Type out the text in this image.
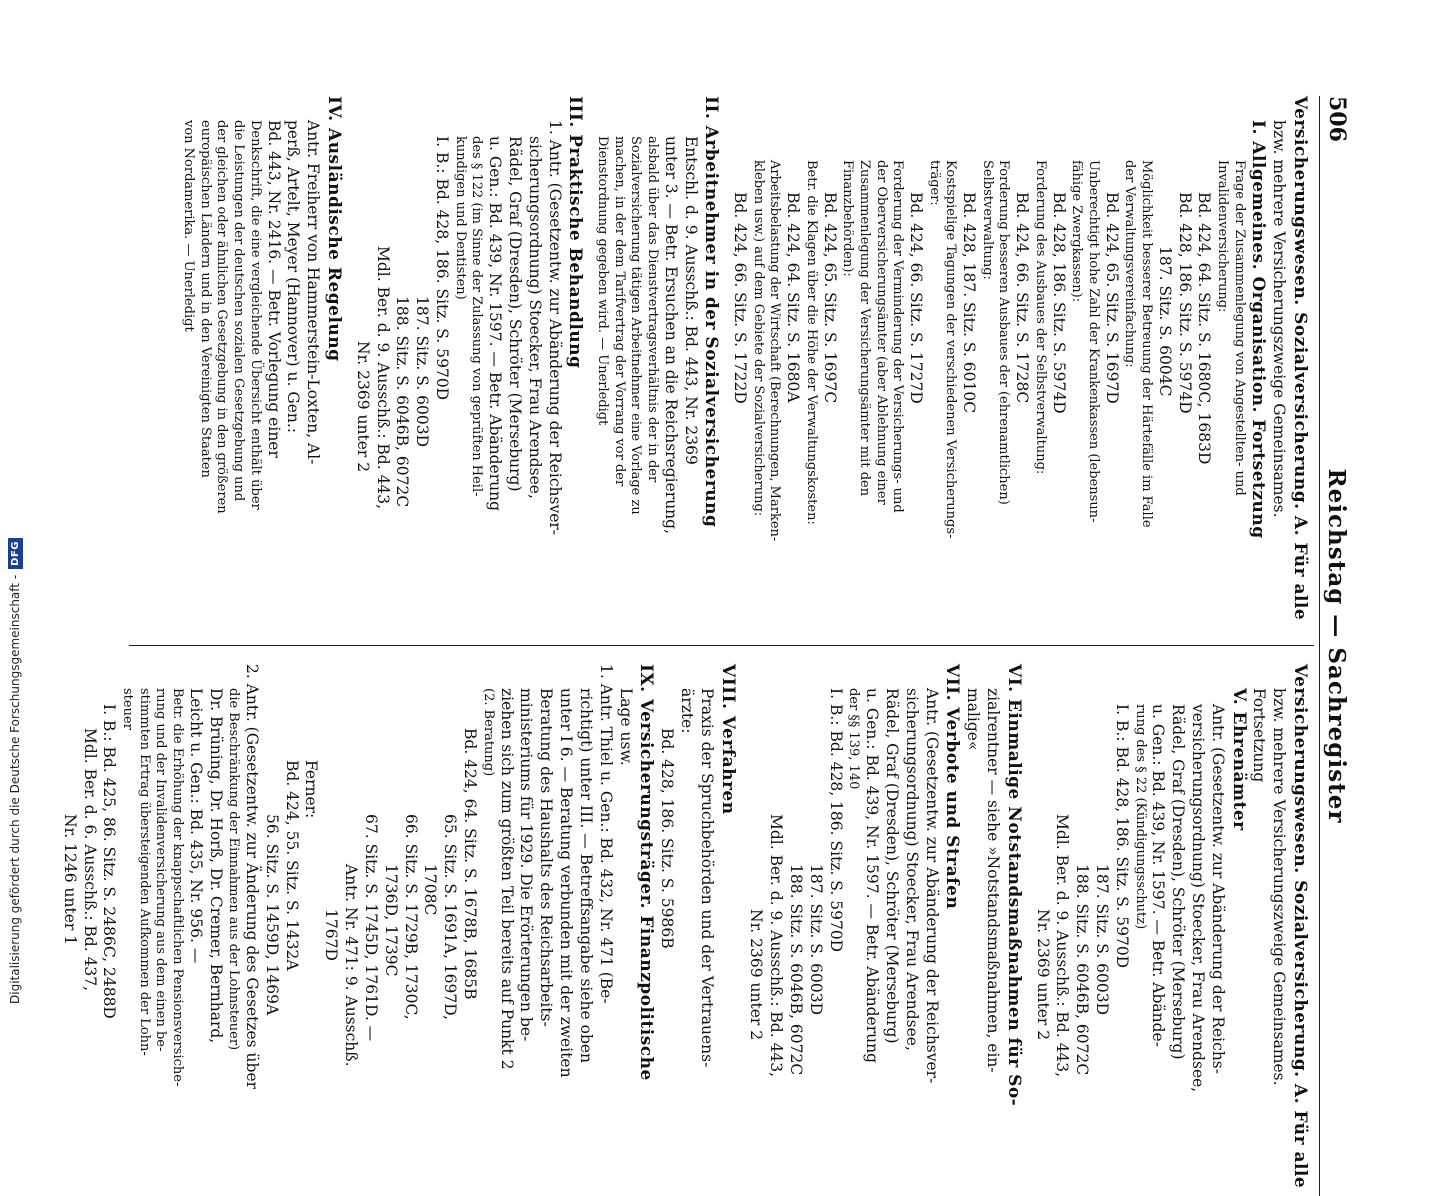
506
Reichstag — Sachregister
Versicherungswesen. Sozialversicherung. A. Für alle
bzw. mehrere Versicherungszweige Gemeinsames.
I. Allgemeines. Organisation. Fortsetzung
Frage der Zusammenlegung von Angestellten- und
Invalidenversicherung:
Bd. 424, 64. Sitz. S. 1680C, 1683D
Bd. 428, 186. Sitz. S. 5974D
187. Sitz. S. 6004C
Möglichkeit besserer Betreuung der Härtefälle im Falle
der Verwaltungsvereinfachung:
Bd. 424, 65. Sitz. S. 1697D
Unberechtigt hohe Zahl der Krankenkassen (lebensun-
fähige Zwergkassen):
Bd. 428, 186. Sitz. S. 5974D
Forderung des Ausbaues der Selbstverwaltung:
Bd. 424, 66. Sitz. S. 1728C
Forderung besseren Ausbaues der (ehrenamtlichen)
Selbstverwaltung:
Bd. 428, 187. Sitz. S. 6010C
Kostspielige Tagungen der verschiedenen Versicherungs-
träger:
Bd. 424, 66. Sitz. S. 1727D
Forderung der Verminderung der Versicherungs- und
der Oberversicherungsämter (aber Ablehnung einer
Zusammenlegung der Versicherungsämter mit den
Finanzbehörden):
Bd. 424, 65. Sitz. S. 1697C
Betr. die Klagen über die Höhe der Verwaltungskosten:
Bd. 424, 64. Sitz. S. 1680A
Arbeitsbelastung der Wirtschaft (Berechnungen, Marken-
kleben usw.) auf dem Gebiete der Sozialversicherung:
Bd. 424, 66. Sitz. S. 1722D
II. Arbeitnehmer in der Sozialversicherung
Entschl. d. 9. Ausschß.: Bd. 443, Nr. 2369
unter 3. — Betr. Ersuchen an die Reichsregierung,
alsbald über das Dienstvertragsverhältnis der in der
Sozialversicherung tätigen Arbeitnehmer eine Vorlage zu
machen, in der dem Tarifvertrag der Vorrang vor der
Dienstordnung gegeben wird. — Unerledigt
III. Praktische Behandlung
1. Antr. (Gesetzentw. zur Abänderung der Reichsver-
sicherungsordnung) Stoecker, Frau Arendsee,
Rädel, Graf (Dresden), Schröter (Merseburg)
u. Gen.: Bd. 439, Nr. 1597. — Betr. Abänderung
des § 122 (im Sinne der Zulassung von geprüften Heil-
kundigen und Dentisten)
I. B.: Bd. 428, 186. Sitz. S. 5970D
187. Sitz. S. 6003D
188. Sitz. S. 6046B, 6072C
Mdl. Ber. d. 9. Ausschß.: Bd. 443,
Nr. 2369 unter 2
IV. Ausländische Regelung
Antr. Freiherr von Hammerstein-Loxten, Al-
perß, Artelt, Meyer (Hannover) u. Gen.:
Bd. 443, Nr. 2416. — Betr. Vorlegung einer
Denkschrift, die eine vergleichende Übersicht enthält über
die Leistungen der deutschen sozialen Gesetzgebung und
der gleichen oder ähnlichen Gesetzgebung in den größeren
europäischen Ländern und in den Vereinigten Staaten
von Nordamerika. — Unerledigt
Versicherungswesen. Sozialversicherung. A. Für alle
bzw. mehrere Versicherungszweige Gemeinsames.
Fortsetzung
V. Ehrenämter
Antr. (Gesetzentw. zur Abänderung der Reichs-
versicherungsordnung) Stoecker, Frau Arendsee,
Rädel, Graf (Dresden), Schröter (Merseburg)
u. Gen.: Bd. 439, Nr. 1597. — Betr. Abände-
rung des § 22 (Kündigungsschutz)
I. B.: Bd. 428, 186. Sitz. S. 5970D
187. Sitz. S. 6003D
188. Sitz. S. 6046B, 6072C
Mdl. Ber. d. 9. Ausschß.: Bd. 443,
Nr. 2369 unter 2
VI. Einmalige Notstandsmaßnahmen für So-
zialrentner — siehe »Notstandsmaßnahmen, ein-
malige«
VII. Verbote und Strafen
Antr. (Gesetzentw. zur Abänderung der Reichsver-
sicherungsordnung) Stoecker, Frau Arendsee,
Rädel, Graf (Dresden), Schröter (Merseburg)
u. Gen.: Bd. 439, Nr. 1597. — Betr. Abänderung
der §§ 139, 140
I. B.: Bd. 428, 186. Sitz. S. 5970D
187. Sitz. S. 6003D
188. Sitz. S. 6046B, 6072C
Mdl. Ber. d. 9. Ausschß.: Bd. 443,
Nr. 2369 unter 2
VIII. Verfahren
Praxis der Spruchbehörden und der Vertrauens-
ärzte:
Bd. 428, 186. Sitz. S. 5986B
IX. Versicherungsträger. Finanzpolitische
Lage usw.
1. Antr. Thiel u. Gen.: Bd. 432, Nr. 471 (Be-
richtigt) unter III. — Betreffsangabe siehe oben
unter I 6. — Beratung verbunden mit der zweiten
Beratung des Haushalts des Reichsarbeits-
ministeriums für 1929. Die Erörterungen be-
ziehen sich zum größten Teil bereits auf Punkt 2
(2. Beratung)
Bd. 424, 64. Sitz. S. 1678B, 1685B
65. Sitz. S. 1691A, 1697D,
1708C
66. Sitz. S. 1729B, 1730C,
1736D, 1739C
67. Sitz. S. 1745D, 1761D. —
Antr. Nr. 471: 9. Ausschß.
1767D
Ferner:
Bd. 424, 55. Sitz. S. 1432A
56. Sitz. S. 1459D, 1469A
2. Antr. (Gesetzentw. zur Änderung des Gesetzes über
die Beschränkung der Einnahmen aus der Lohnsteuer)
Dr. Brüning, Dr. Horß, Dr. Cremer, Bernhard,
Leicht u. Gen.: Bd. 435, Nr. 956. —
Betr. die Erhöhung der knappschaftlichen Pensionsversiche-
rung und der Invalidenversicherung aus dem einen be-
stimmten Ertrag übersteigenden Aufkommen der Lohn-
steuer
I. B.: Bd. 425, 86. Sitz. S. 2486C, 2488D
Mdl. Ber. d. 6. Ausschß.: Bd. 437,
Nr. 1246 unter 1
Digitalisierung gefördert durch die Deutsche Forschungsgemeinschaft -
DFG
